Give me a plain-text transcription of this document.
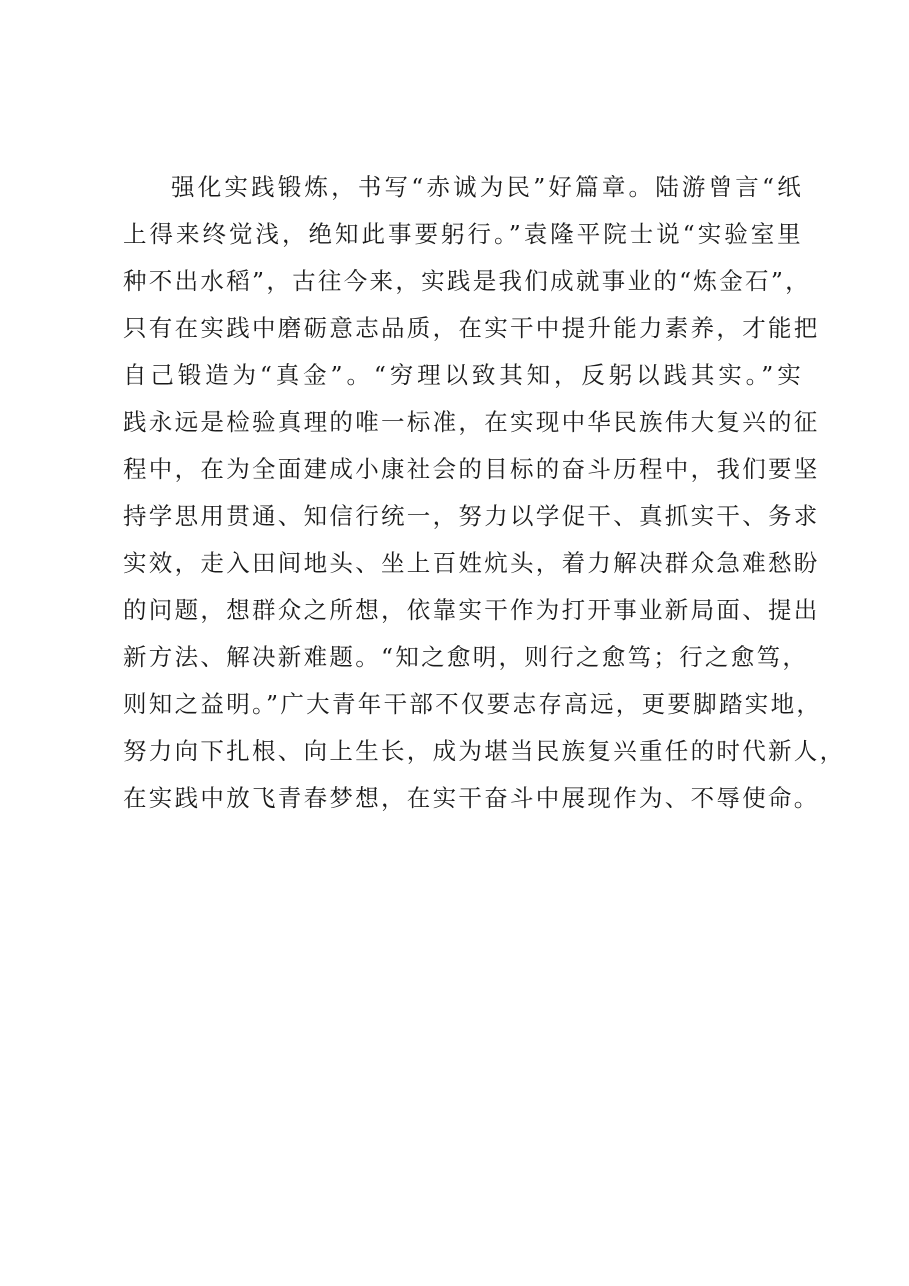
强化实践锻炼，书写“赤诚为民”好篇章。陆游曾言“纸
上得来终觉浅，绝知此事要躬行。”袁隆平院士说“实验室里
种不出水稻”，古往今来，实践是我们成就事业的“炼金石”，
只有在实践中磨砺意志品质，在实干中提升能力素养，才能把
自己锻造为“真金”。“穷理以致其知，反躬以践其实。”实
践永远是检验真理的唯一标准，在实现中华民族伟大复兴的征
程中，在为全面建成小康社会的目标的奋斗历程中，我们要坚
持学思用贯通、知信行统一，努力以学促干、真抓实干、务求
实效，走入田间地头、坐上百姓炕头，着力解决群众急难愁盼
的问题，想群众之所想，依靠实干作为打开事业新局面、提出
新方法、解决新难题。“知之愈明，则行之愈笃；行之愈笃，
则知之益明。”广大青年干部不仅要志存高远，更要脚踏实地，
努力向下扎根、向上生长，成为堪当民族复兴重任的时代新人，
在实践中放飞青春梦想，在实干奋斗中展现作为、不辱使命。
